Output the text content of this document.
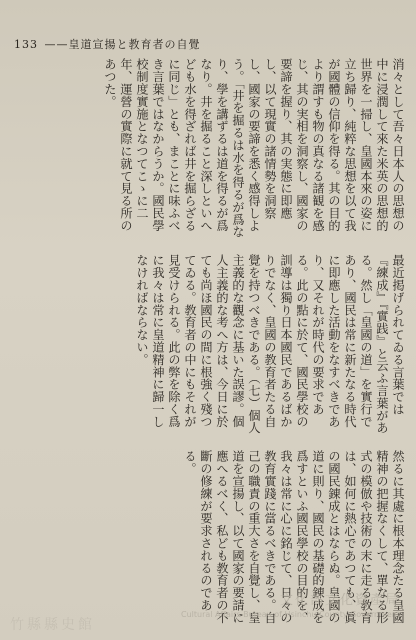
133 ——皇道宣揚と教育者の自覺
消々として吾々日本人の思想の中に浸潤して來た米英の思想的世界を一掃し、皇國本來の姿に立ち歸り、純粹な思想を以て我が國體の信仰を得る。其の目的より謂すも物の真なる諸観を感じ、其の実相を洞察し、國家の要諦を握り、其の実態に即應し、以て現實の諸情勢を洞察し、國家の要諦を悉く感得しよう。「井を掘るは水を得るが爲なり、學を講ずるは道を得るが爲なり。井を掘ること深しといへども水を得ざれば井を掘らざるに同じ」とも、まことに味ふべき言葉ではなからうか。國民學校制度實施となつてこゝに二年、運營の實際に就て見る所のあつた。
最近掲げられてゐる言葉では『練成』『實践』と云ふ言葉がある。然し「皇國の道」を實行であり、國民は常に新たなる時代に即應した活動をなすべきであり、又それが時代の要求である。此の點に於て、國民學校の訓導は獨り日本國民であるばかりでなく、皇國の教育者たる自覺を持つべきである。（七）個人主義的な觀念に基いた誤謬。個人主義的な考へ方は、今日に於ても尚ほ國民の間に根強く殘つてゐる。教育者の中にもそれが見受けられる。此の弊を除く爲に我々は常に皇道精神に歸一しなければならない。
然るに其處に根本理念たる皇國精神の把握なくして、單なる形式の模倣や技術の末に走る教育は、如何に熱心であつても、眞の國民錬成とはならぬ。皇國の道に則り、國民の基礎的錬成を爲すといふ國民學校の目的を、我々は常に心に銘じて、日々の教育實踐に當るべきである。自己の職責の重大さを自覺し、皇道を宣揚し、以て國家の要請に應へるべく、私ども教育者の不斷の修練が要求されるのである。
文化部文化資產局
Cultural Affairs Bureau of Hsinchu County Government
竹縣縣史館
